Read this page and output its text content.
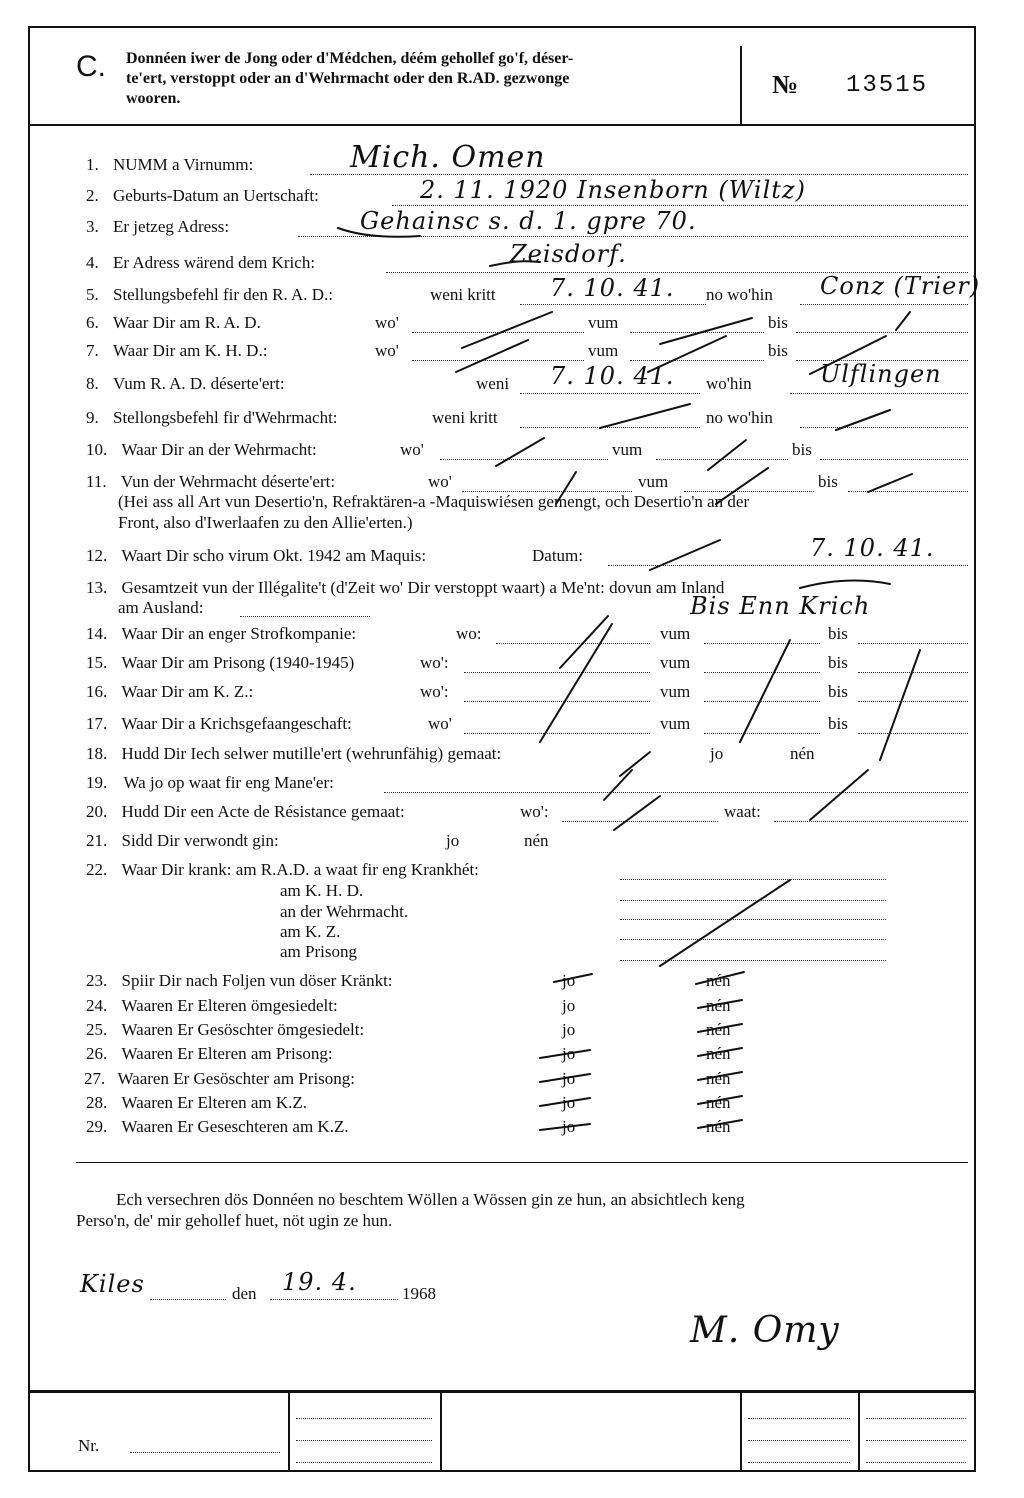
C. Donnéen iwer de Jong oder d'Médchen, déém gehollef go'f, déser-
te'ert, verstoppt oder an d'Wehrmacht oder den R.AD. gezwonge
wooren.	№ 13515
1. NUMM a Virnumm:	Mich. Omen
2. Geburts-Datum an Uertschaft:	2. 11. 1920 Insenborn (Wiltz)
3. Er jetzeg Adress:	Gehainsc s. d. 1. gpre 70.
4. Er Adress wärend dem Krich:	Zeisdorf.
5. Stellungsbefehl fir den R. A. D.:	weni kritt 7. 10. 41. no wo'hin Conz (Trier)
6. Waar Dir am R. A. D.	wo'	vum	bis
7. Waar Dir am K. H. D.:	wo'	vum	bis
8. Vum R. A. D. déserte'ert:	weni 7. 10. 41. wo'hin	Ulflingen
9. Stellongsbefehl fir d'Wehrmacht:	weni kritt	no wo'hin
10. Waar Dir an der Wehrmacht:	wo'	vum	bis
11. Vun der Wehrmacht déserte'ert:	wo'	vum	bis
(Hei ass all Art vun Desertio'n, Refraktären-a -Maquiswiésen gemengt, och Desertio'n an der
Front, also d'Iwerlaafen zu den Allie'erten.)
12. Waart Dir scho virum Okt. 1942 am Maquis:	Datum:	7. 10. 41.
13. Gesamtzeit vun der Illégalite't (d'Zeit wo' Dir verstoppt waart) a Me'nt: dovun am Inland
am Ausland:	Bis Enn Krich
14. Waar Dir an enger Strofkompanie:	wo:	vum	bis
15. Waar Dir am Prisong (1940-1945)	wo':	vum	bis
16. Waar Dir am K. Z.:	wo':	vum	bis
17. Waar Dir a Krichsgefaangeschaft:	wo'	vum	bis
18. Hudd Dir Iech selwer mutille'ert (wehrunfähig) gemaat:	jo	nén
19. Wa jo op waat fir eng Mane'er:
20. Hudd Dir een Acte de Résistance gemaat:	wo':	waat:
21. Sidd Dir verwondt gin:	jo	nén
22. Waar Dir krank: am R.A.D. a waat fir eng Krankhét:
am K. H. D.
an der Wehrmacht.
am K. Z.
am Prisong
23. Spiir Dir nach Foljen vun döser Kränkt:	jo	nén
24. Waaren Er Elteren ömgesiedelt:	jo	nén
25. Waaren Er Gesöschter ömgesiedelt:	jo	nén
26. Waaren Er Elteren am Prisong:	jo	nén
27. Waaren Er Gesöschter am Prisong:	jo	nén
28. Waaren Er Elteren am K.Z.	jo	nén
29. Waaren Er Geseschteren am K.Z.	jo	nén
Ech versechren dös Donnéen no beschtem Wöllen a Wössen gin ze hun, an absichtlech keng
Perso'n, de' mir gehollef huet, nöt ugin ze hun.
Kiles	den 19. 4.	1968
M. Omy
Nr.
